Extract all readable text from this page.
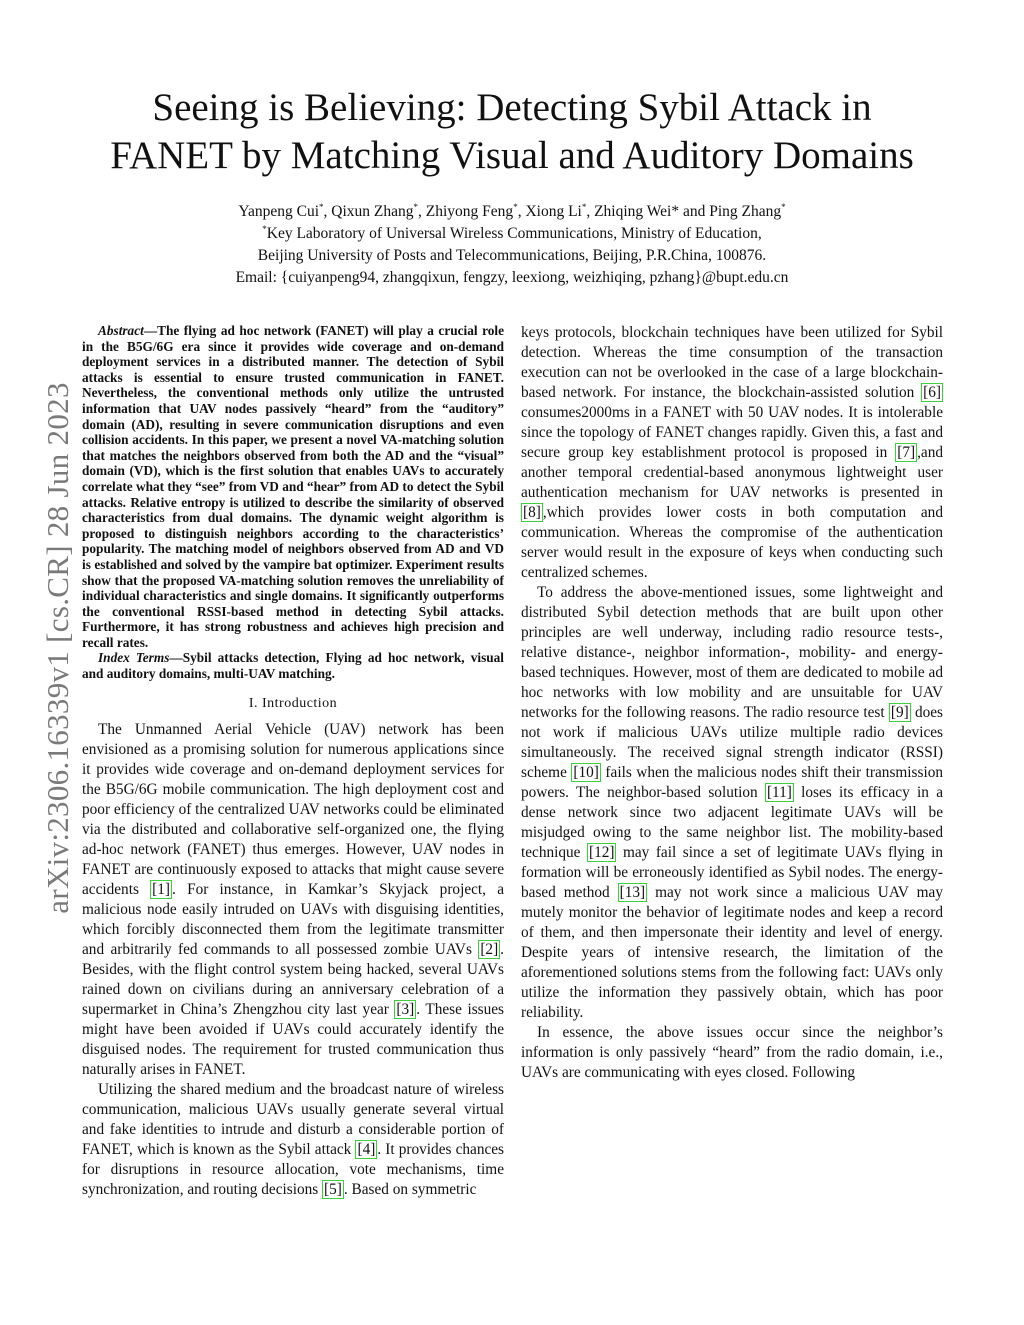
arXiv:2306.16339v1 [cs.CR] 28 Jun 2023
Seeing is Believing: Detecting Sybil Attack in
FANET by Matching Visual and Auditory Domains
Yanpeng Cui*, Qixun Zhang*, Zhiyong Feng*, Xiong Li*, Zhiqing Wei* and Ping Zhang*
*Key Laboratory of Universal Wireless Communications, Ministry of Education,
Beijing University of Posts and Telecommunications, Beijing, P.R.China, 100876.
Email: {cuiyanpeng94, zhangqixun, fengzy, leexiong, weizhiqing, pzhang}@bupt.edu.cn

Abstract—The flying ad hoc network (FANET) will play a crucial role in the B5G/6G era since it provides wide coverage and on-demand deployment services in a distributed manner. The detection of Sybil attacks is essential to ensure trusted communication in FANET. Nevertheless, the conventional methods only utilize the untrusted information that UAV nodes passively “heard” from the “auditory” domain (AD), resulting in severe communication disruptions and even collision accidents. In this paper, we present a novel VA-matching solution that matches the neighbors observed from both the AD and the “visual” domain (VD), which is the first solution that enables UAVs to accurately correlate what they “see” from VD and “hear” from AD to detect the Sybil attacks. Relative entropy is utilized to describe the similarity of observed characteristics from dual domains. The dynamic weight algorithm is proposed to distinguish neighbors according to the characteristics’ popularity. The matching model of neighbors observed from AD and VD is established and solved by the vampire bat optimizer. Experiment results show that the proposed VA-matching solution removes the unreliability of individual characteristics and single domains. It significantly outperforms the conventional RSSI-based method in detecting Sybil attacks. Furthermore, it has strong robustness and achieves high precision and recall rates.

Index Terms—Sybil attacks detection, Flying ad hoc network, visual and auditory domains, multi-UAV matching.

I. Introduction

The Unmanned Aerial Vehicle (UAV) network has been envisioned as a promising solution for numerous applications since it provides wide coverage and on-demand deployment services for the B5G/6G mobile communication. The high deployment cost and poor efficiency of the centralized UAV networks could be eliminated via the distributed and collaborative self-organized one, the flying ad-hoc network (FANET) thus emerges. However, UAV nodes in FANET are continuously exposed to attacks that might cause severe accidents [1] . For instance, in Kamkar’s Skyjack project, a malicious node easily intruded on UAVs with disguising identities, which forcibly disconnected them from the legitimate transmitter and arbitrarily fed commands to all possessed zombie UAVs [2] . Besides, with the flight control system being hacked, several UAVs rained down on civilians during an anniversary celebration of a supermarket in China’s Zhengzhou city last year [3] . These issues might have been avoided if UAVs could accurately identify the disguised nodes. The requirement for trusted communication thus naturally arises in FANET.

Utilizing the shared medium and the broadcast nature of wireless communication, malicious UAVs usually generate several virtual and fake identities to intrude and disturb a considerable portion of FANET, which is known as the Sybil attack [4] . It provides chances for disruptions in resource allocation, vote mechanisms, time synchronization, and routing decisions [5] . Based on symmetric

keys protocols, blockchain techniques have been utilized for Sybil detection. Whereas the time consumption of the transaction execution can not be overlooked in the case of a large blockchain-based network. For instance, the blockchain-assisted solution [6] consumes2000ms in a FANET with 50 UAV nodes. It is intolerable since the topology of FANET changes rapidly. Given this, a fast and secure group key establishment protocol is proposed in [7] ,and another temporal credential-based anonymous lightweight user authentication mechanism for UAV networks is presented in [8] ,which provides lower costs in both computation and communication. Whereas the compromise of the authentication server would result in the exposure of keys when conducting such centralized schemes.

To address the above-mentioned issues, some lightweight and distributed Sybil detection methods that are built upon other principles are well underway, including radio resource tests-, relative distance-, neighbor information-, mobility- and energy-based techniques. However, most of them are dedicated to mobile ad hoc networks with low mobility and are unsuitable for UAV networks for the following reasons. The radio resource test [9] does not work if malicious UAVs utilize multiple radio devices simultaneously. The received signal strength indicator (RSSI) scheme [10] fails when the malicious nodes shift their transmission powers. The neighbor-based solution [11] loses its efficacy in a dense network since two adjacent legitimate UAVs will be misjudged owing to the same neighbor list. The mobility-based technique [12] may fail since a set of legitimate UAVs flying in formation will be erroneously identified as Sybil nodes. The energy-based method [13] may not work since a malicious UAV may mutely monitor the behavior of legitimate nodes and keep a record of them, and then impersonate their identity and level of energy. Despite years of intensive research, the limitation of the aforementioned solutions stems from the following fact: UAVs only utilize the information they passively obtain, which has poor reliability.

In essence, the above issues occur since the neighbor’s information is only passively “heard” from the radio domain, i.e., UAVs are communicating with eyes closed. Following
